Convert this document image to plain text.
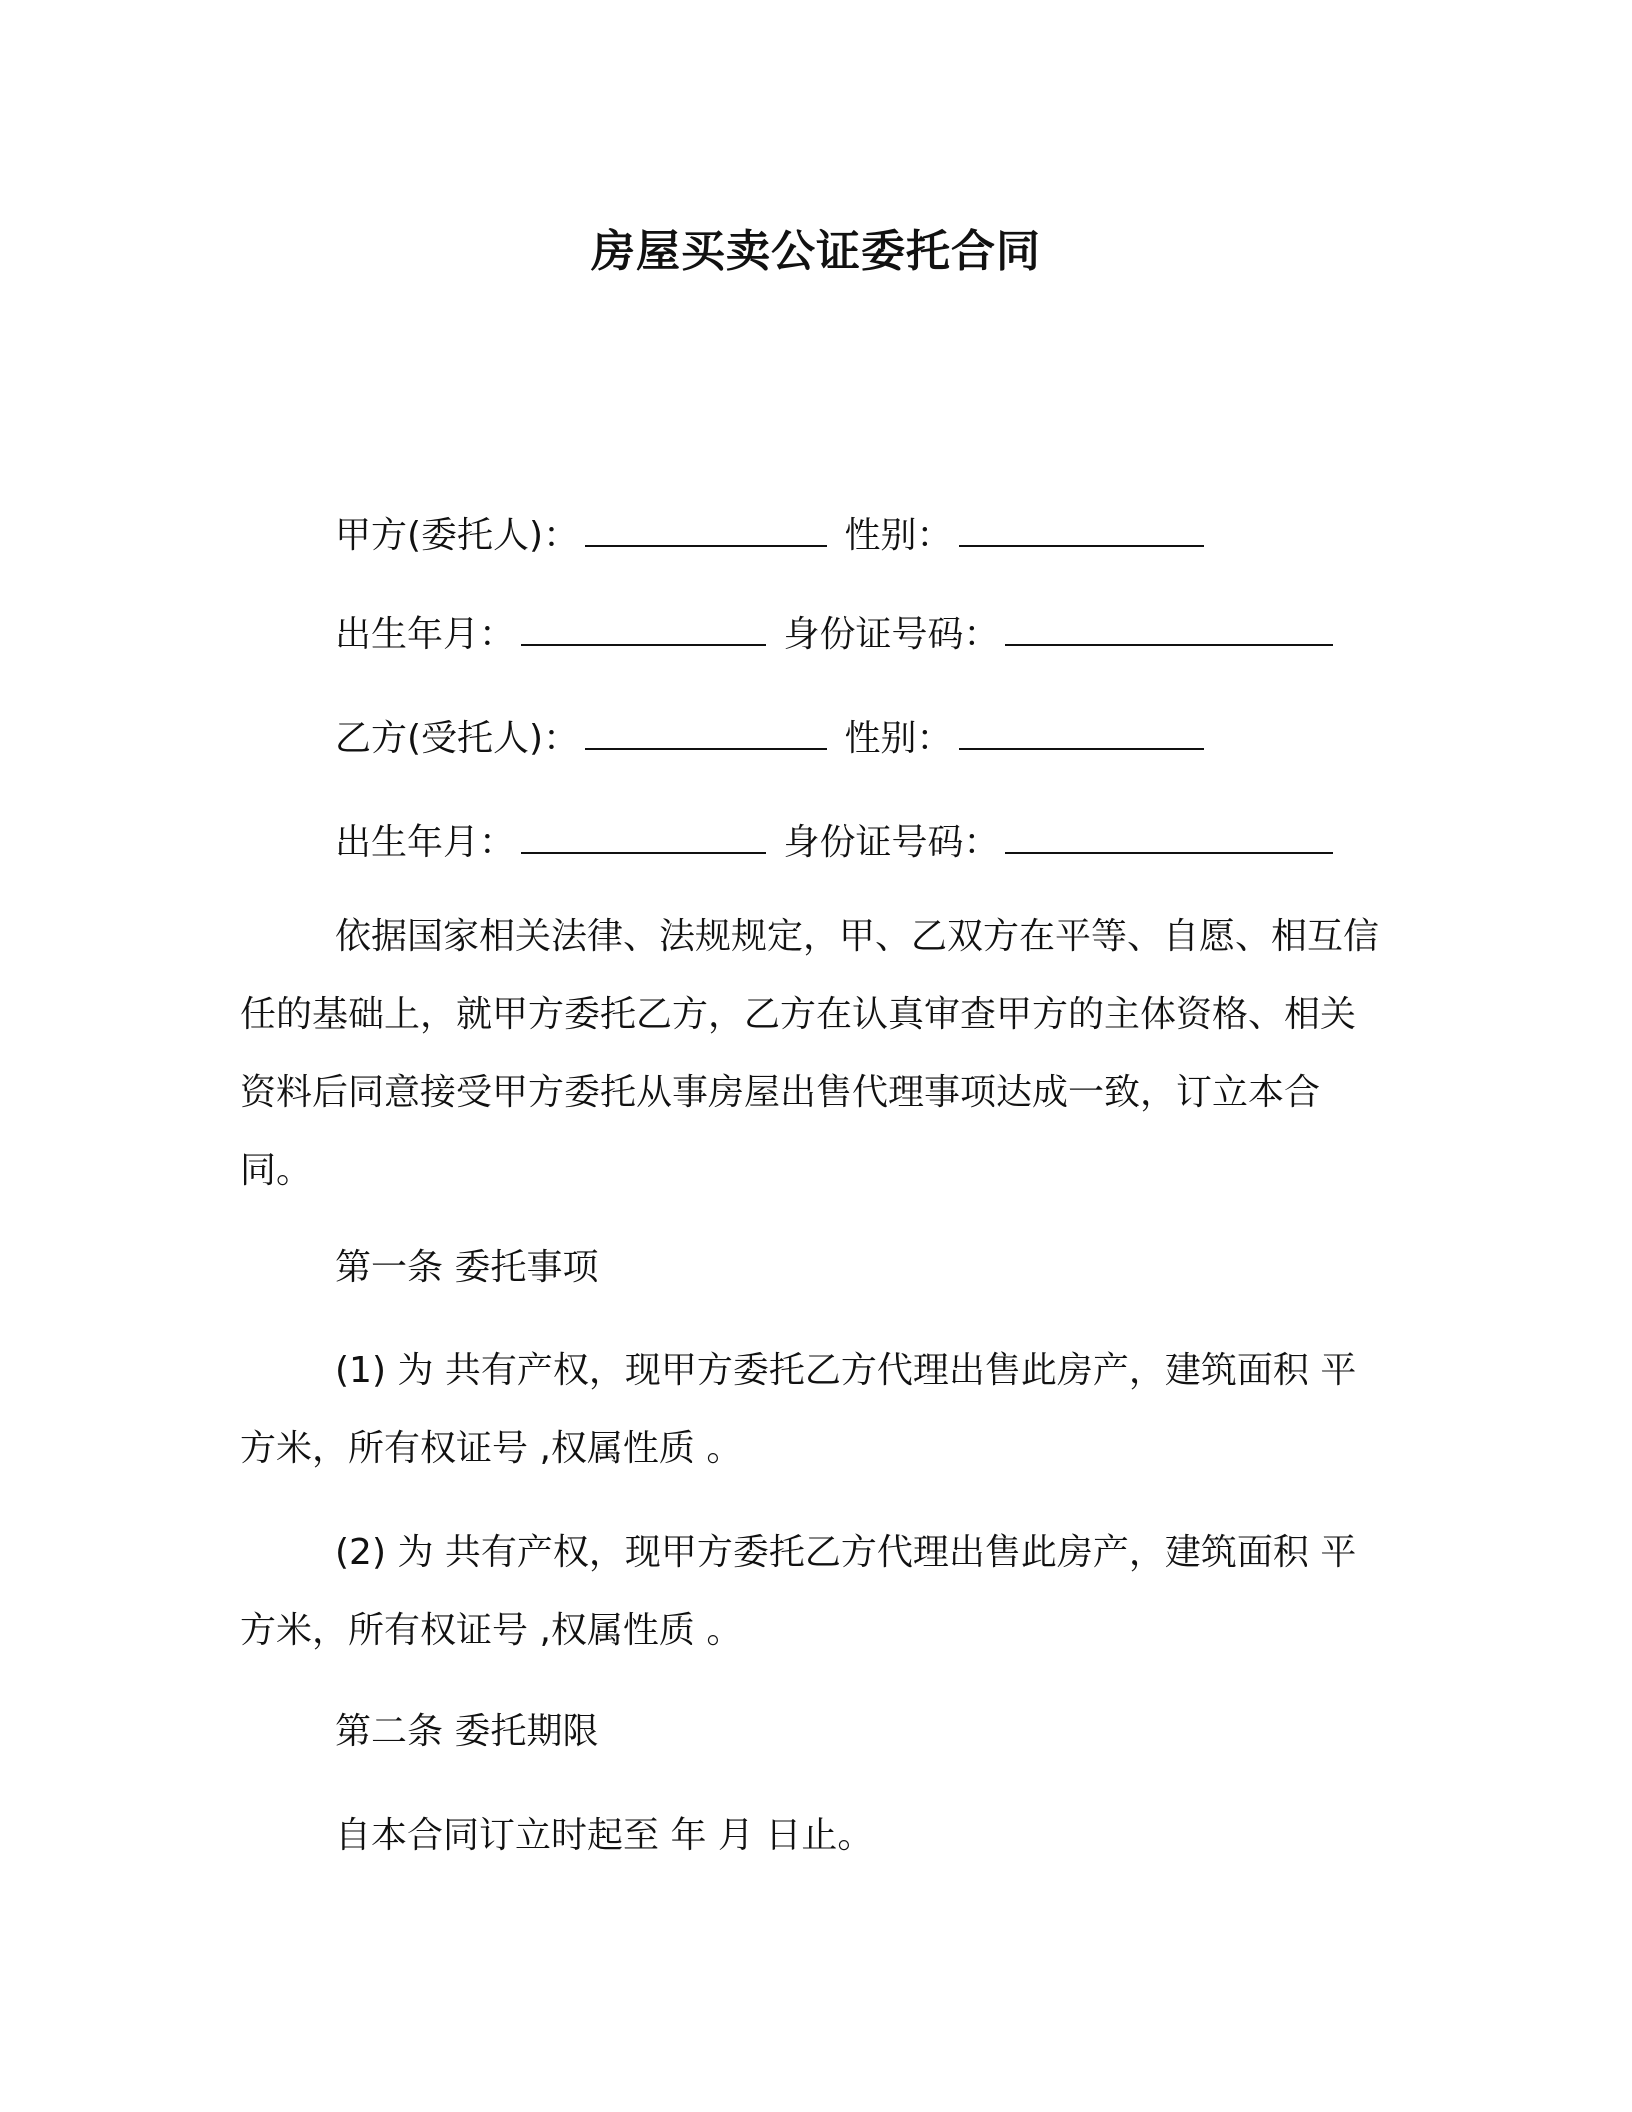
房屋买卖公证委托合同
甲方(委托人)：	性别：
出生年月：	身份证号码：
乙方(受托人)：	性别：
出生年月：	身份证号码：

依据国家相关法律、法规规定，甲、乙双方在平等、自愿、相互信任的基础上，就甲方委托乙方，乙方在认真审查甲方的主体资格、相关资料后同意接受甲方委托从事房屋出售代理事项达成一致，订立本合同。

第一条 委托事项

(1) 为 共有产权，现甲方委托乙方代理出售此房产，建筑面积 平方米，所有权证号 ,权属性质 。

(2) 为 共有产权，现甲方委托乙方代理出售此房产，建筑面积 平方米，所有权证号 ,权属性质 。

第二条 委托期限
自本合同订立时起至 年 月 日止。
